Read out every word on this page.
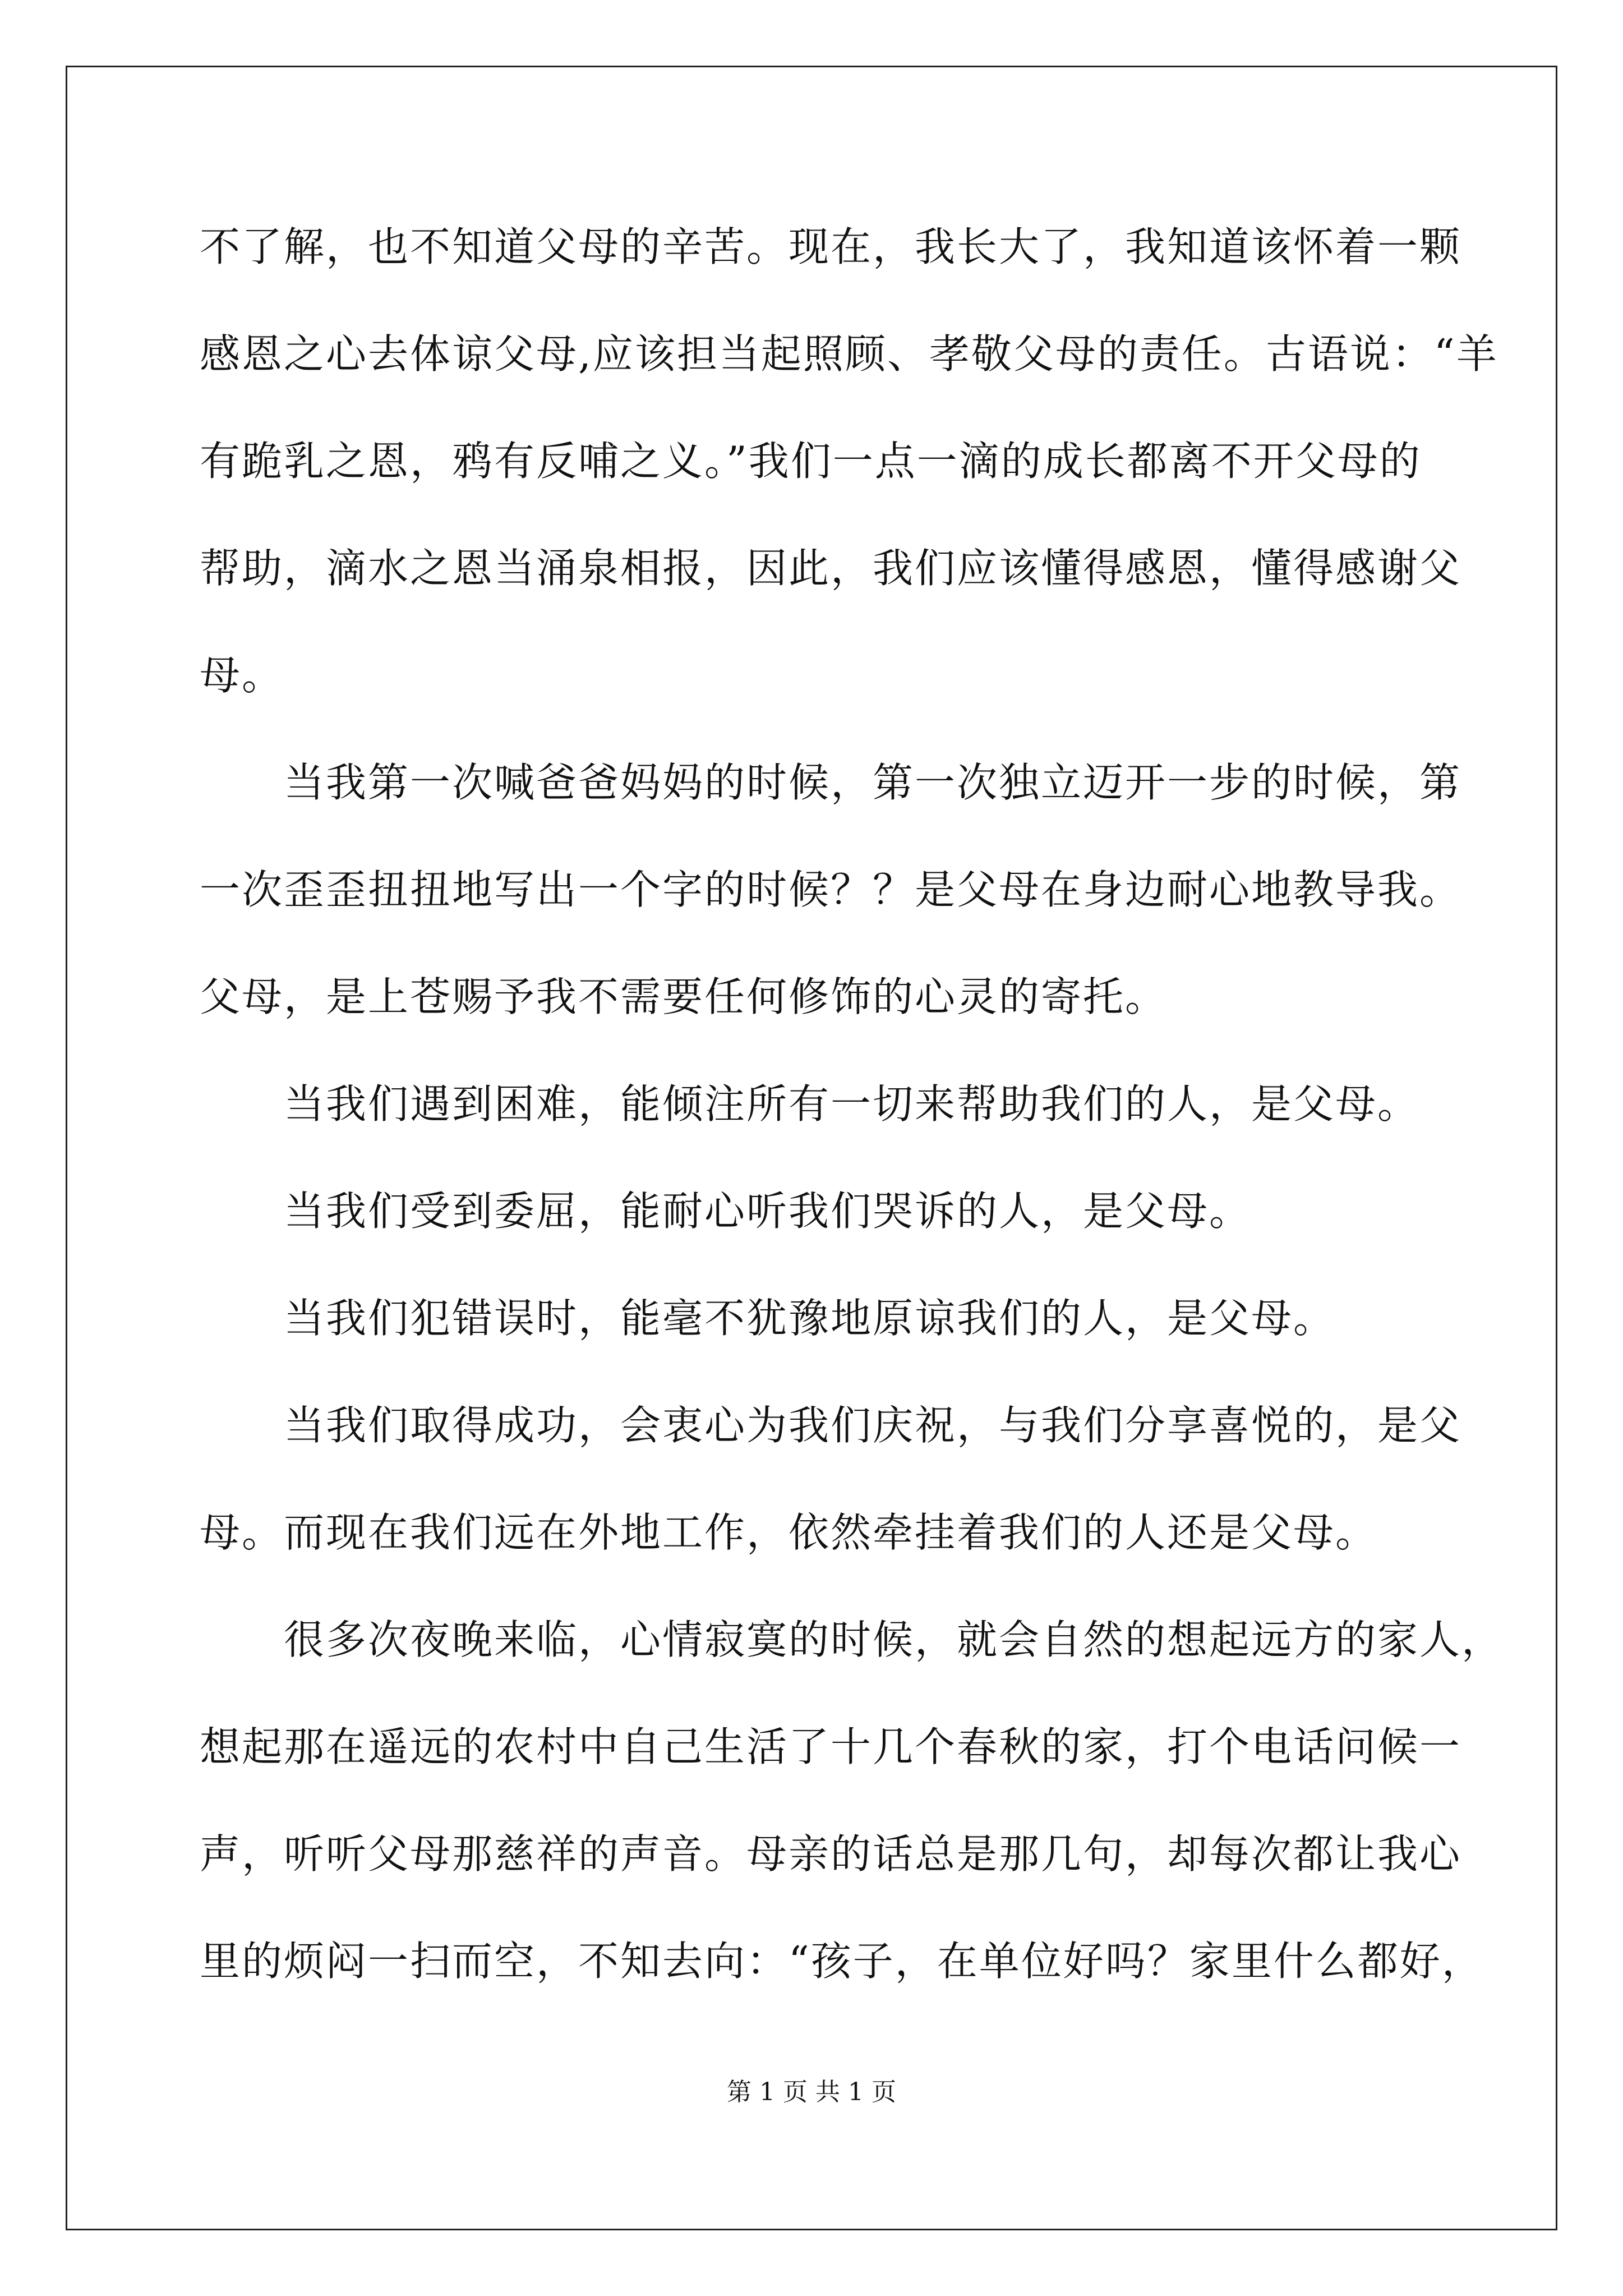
不了解，也不知道父母的辛苦。现在，我长大了，我知道该怀着一颗
感恩之心去体谅父母,应该担当起照顾、孝敬父母的责任。古语说：“羊
有跪乳之恩，鸦有反哺之义。”我们一点一滴的成长都离不开父母的
帮助，滴水之恩当涌泉相报，因此，我们应该懂得感恩，懂得感谢父
母。
当我第一次喊爸爸妈妈的时候，第一次独立迈开一步的时候，第
一次歪歪扭扭地写出一个字的时候？？是父母在身边耐心地教导我。
父母，是上苍赐予我不需要任何修饰的心灵的寄托。
当我们遇到困难，能倾注所有一切来帮助我们的人，是父母。
当我们受到委屈，能耐心听我们哭诉的人，是父母。
当我们犯错误时，能毫不犹豫地原谅我们的人，是父母。
当我们取得成功，会衷心为我们庆祝，与我们分享喜悦的，是父
母。而现在我们远在外地工作，依然牵挂着我们的人还是父母。
很多次夜晚来临，心情寂寞的时候，就会自然的想起远方的家人，
想起那在遥远的农村中自己生活了十几个春秋的家，打个电话问候一
声，听听父母那慈祥的声音。母亲的话总是那几句，却每次都让我心
里的烦闷一扫而空，不知去向：“孩子，在单位好吗？家里什么都好，
第 1 页 共 1 页
